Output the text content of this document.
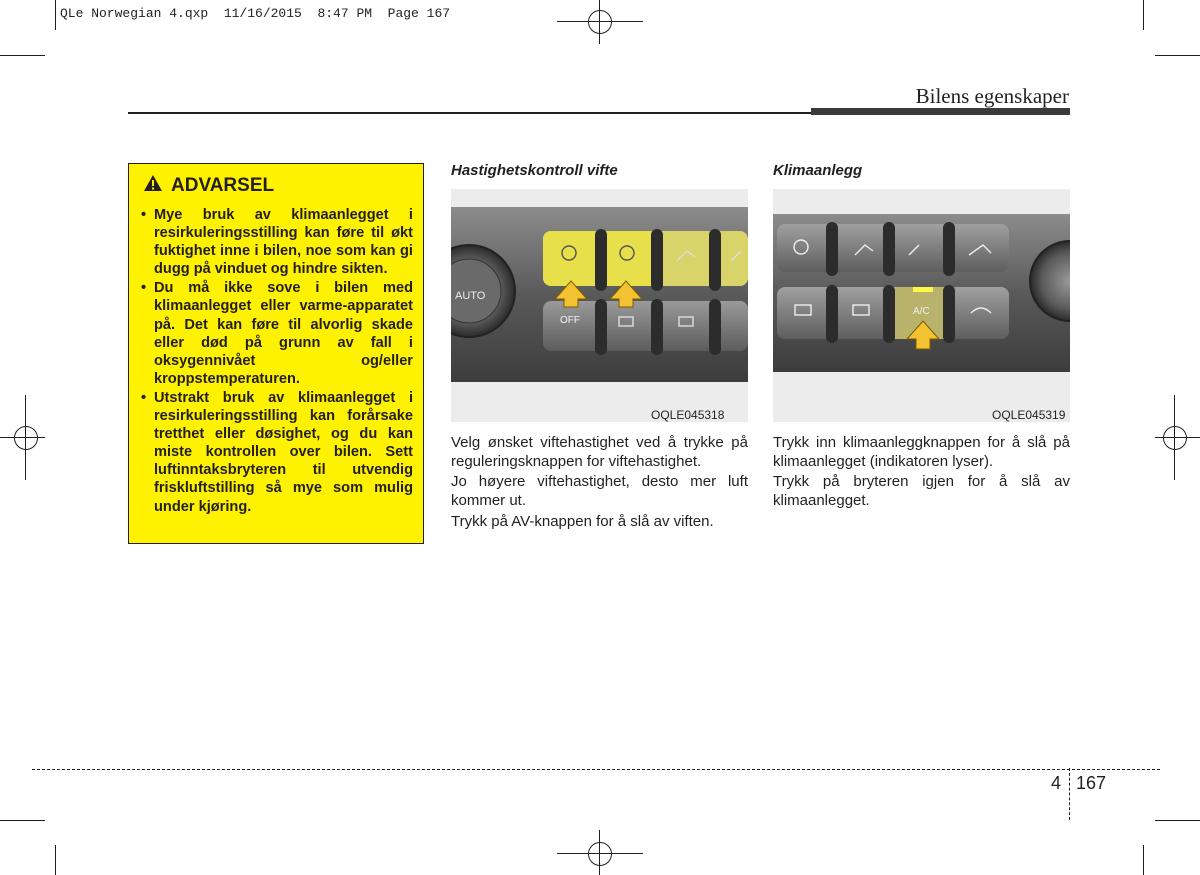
QLe Norwegian 4.qxp  11/16/2015  8:47 PM  Page 167
Bilens egenskaper
ADVARSEL
• Mye bruk av klimaanlegget i resirkuleringsstilling kan føre til økt fuktighet inne i bilen, noe som kan gi dugg på vinduet og hindre sikten.
• Du må ikke sove i bilen med klimaanlegget eller varme-apparatet på. Det kan føre til alvorlig skade eller død på grunn av fall i oksygennivået og/eller kroppstemperaturen.
• Utstrakt bruk av klimaanlegget i resirkuleringsstilling kan forårsake tretthet eller døsighet, og du kan miste kontrollen over bilen. Sett luftinntaksbryteren til utvendig friskluftstilling så mye som mulig under kjøring.
Hastighetskontroll vifte
AUTO
OFF
OQLE045318

Velg ønsket viftehastighet ved å trykke på reguleringsknappen for viftehastighet.

Jo høyere viftehastighet, desto mer luft kommer ut.

Trykk på AV-knappen for å slå av viften.

Klimaanlegg
A/C
OQLE045319

Trykk inn klimaanleggknappen for å slå på klimaanlegget (indikatoren lyser).

Trykk på bryteren igjen for å slå av klimaanlegget.

4 167
